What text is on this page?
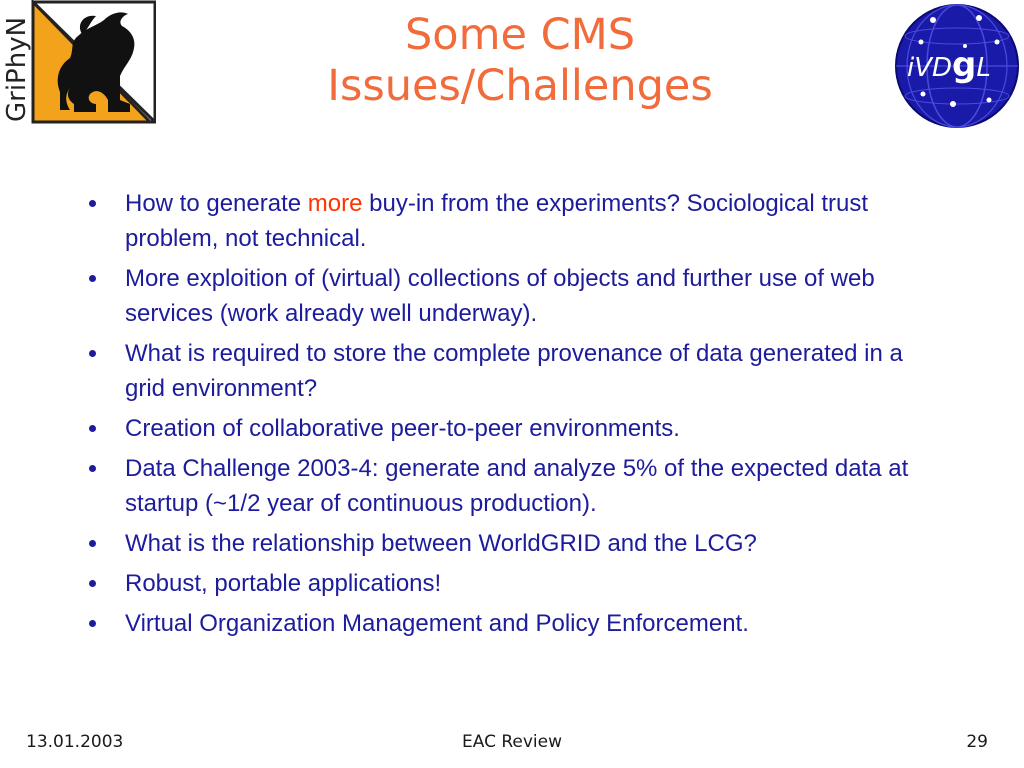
GriPhyN	Some CMS
Issues/Challenges	iVDgL
How to generate more buy-in from the experiments? Sociological trust problem, not technical.
More exploition of (virtual) collections of objects and further use of web services (work already well underway).
What is required to store the complete provenance of data generated in a grid environment?
Creation of collaborative peer-to-peer environments.
Data Challenge 2003-4: generate and analyze 5% of the expected data at startup (~1/2 year of continuous production).
What is the relationship between WorldGRID and the LCG?
Robust, portable applications!
Virtual Organization Management and Policy Enforcement.
13.01.2003	EAC Review	29
